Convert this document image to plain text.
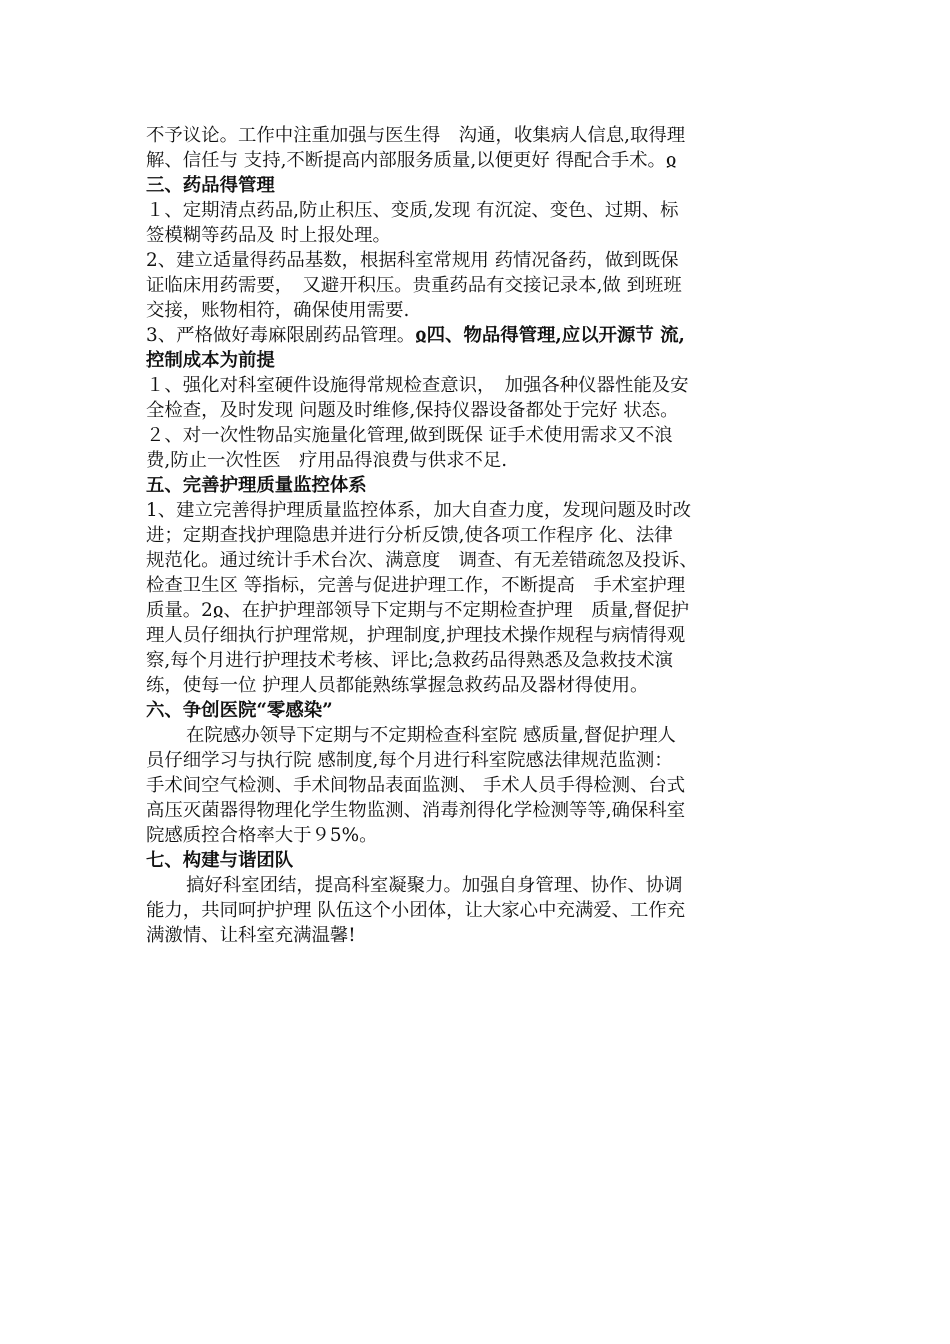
不予议论。工作中注重加强与医生得　沟通，收集病人信息,取得理
解、信任与 支持,不断提高内部服务质量,以便更好 得配合手术。ჲ
三、药品得管理
１、定期清点药品,防止积压、变质,发现 有沉淀、变色、过期、标
签模糊等药品及 时上报处理。
2、建立适量得药品基数，根据科室常规用 药情况备药，做到既保
证临床用药需要，　又避开积压。贵重药品有交接记录本,做 到班班
交接，账物相符，确保使用需要.
3、严格做好毒麻限剧药品管理。ჲ四、物品得管理,应以开源节 流,
控制成本为前提
１、强化对科室硬件设施得常规检查意识，　加强各种仪器性能及安
全检查，及时发现 问题及时维修,保持仪器设备都处于完好 状态。
２、对一次性物品实施量化管理,做到既保 证手术使用需求又不浪
费,防止一次性医　疗用品得浪费与供求不足.
五、完善护理质量监控体系
1、建立完善得护理质量监控体系，加大自查力度，发现问题及时改
进；定期查找护理隐患并进行分析反馈,使各项工作程序 化、法律
规范化。通过统计手术台次、满意度　调查、有无差错疏忽及投诉、
检查卫生区 等指标，完善与促进护理工作，不断提高　手术室护理
质量。2ჲ、在护护理部领导下定期与不定期检查护理　质量,督促护
理人员仔细执行护理常规，护理制度,护理技术操作规程与病情得观
察,每个月进行护理技术考核、评比;急救药品得熟悉及急救技术演
练，使每一位 护理人员都能熟练掌握急救药品及器材得使用。
六、争创医院“零感染”
在院感办领导下定期与不定期检查科室院 感质量,督促护理人
员仔细学习与执行院 感制度,每个月进行科室院感法律规范监测：
手术间空气检测、手术间物品表面监测、 手术人员手得检测、台式
高压灭菌器得物理化学生物监测、消毒剂得化学检测等等,确保科室
院感质控合格率大于９5%。
七、构建与谐团队
搞好科室团结，提高科室凝聚力。加强自身管理、协作、协调
能力，共同呵护护理 队伍这个小团体，让大家心中充满爱、工作充
满激情、让科室充满温馨!
